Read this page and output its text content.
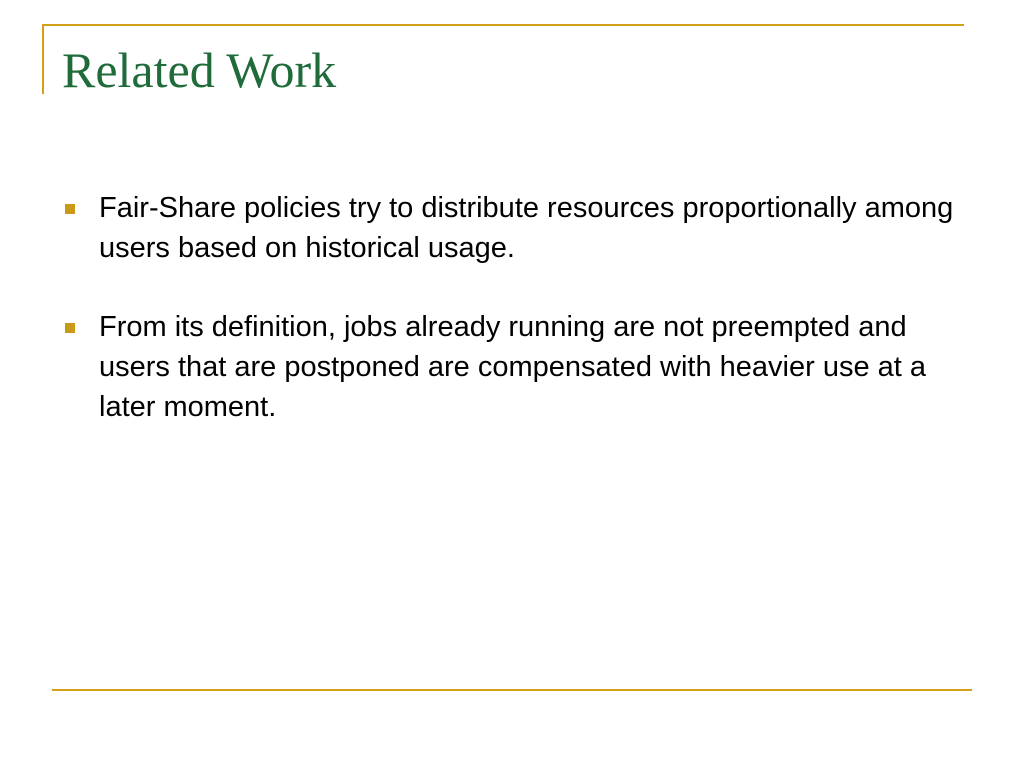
Related Work
Fair-Share policies try to distribute resources proportionally among users based on historical usage.
From its definition, jobs already running are not preempted and users that are postponed are compensated with heavier use at a later moment.
